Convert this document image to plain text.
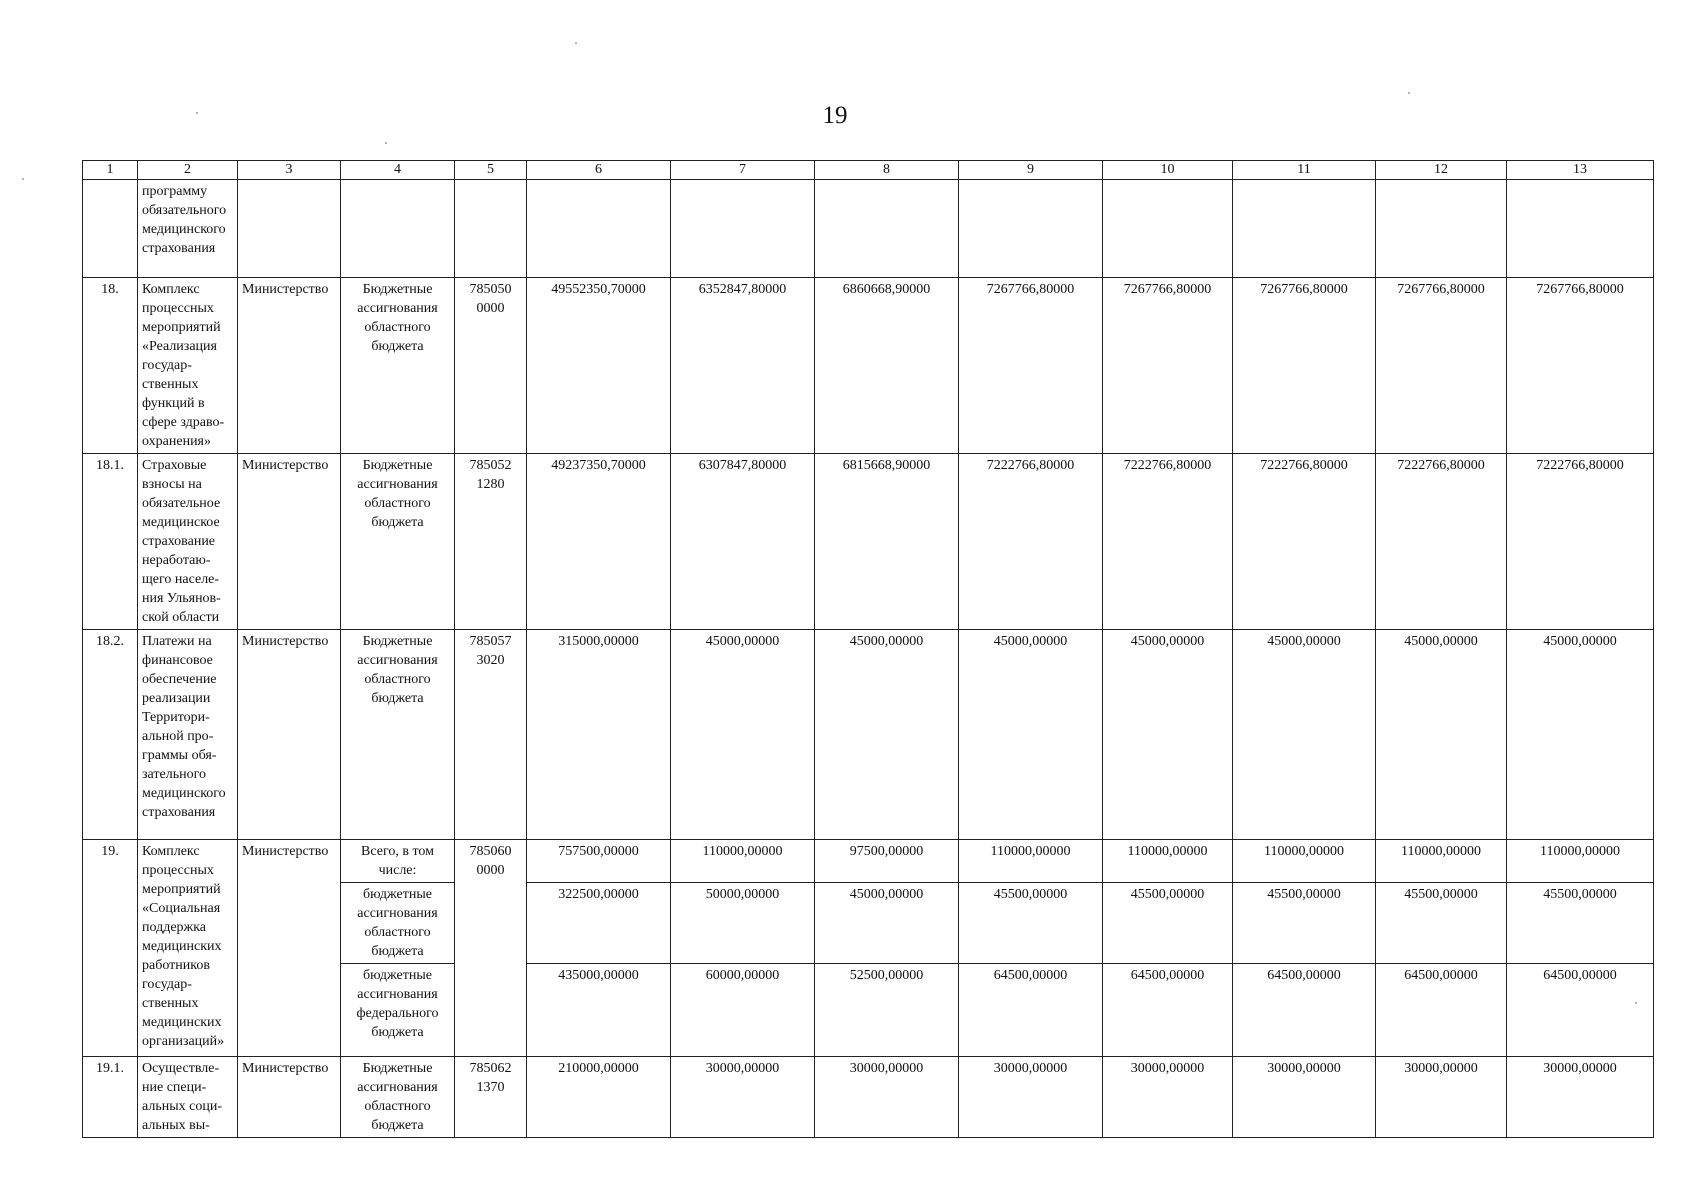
19
1	2	3	4	5	6	7	8	9	10	11	12	13
	программу обязательного медицинского страхования											
18.	Комплекс процессных мероприятий «Реализация государственных функций в сфере здравоохранения»	Министерство	Бюджетные ассигнования областного бюджета	785050 0000	49552350,70000	6352847,80000	6860668,90000	7267766,80000	7267766,80000	7267766,80000	7267766,80000	7267766,80000
18.1.	Страховые взносы на обязательное медицинское страхование неработающего населения Ульяновской области	Министерство	Бюджетные ассигнования областного бюджета	785052 1280	49237350,70000	6307847,80000	6815668,90000	7222766,80000	7222766,80000	7222766,80000	7222766,80000	7222766,80000
18.2.	Платежи на финансовое обеспечение реализации Территориальной программы обязательного медицинского страхования	Министерство	Бюджетные ассигнования областного бюджета	785057 3020	315000,00000	45000,00000	45000,00000	45000,00000	45000,00000	45000,00000	45000,00000	45000,00000
19.	Комплекс процессных мероприятий «Социальная поддержка медицинских работников государственных медицинских организаций»	Министерство	Всего, в том числе:	785060 0000	757500,00000	110000,00000	97500,00000	110000,00000	110000,00000	110000,00000	110000,00000	110000,00000
			бюджетные ассигнования областного бюджета		322500,00000	50000,00000	45000,00000	45500,00000	45500,00000	45500,00000	45500,00000	45500,00000
			бюджетные ассигнования федерального бюджета		435000,00000	60000,00000	52500,00000	64500,00000	64500,00000	64500,00000	64500,00000	64500,00000
19.1.	Осуществление специальных социальных вы-	Министерство	Бюджетные ассигнования областного бюджета	785062 1370	210000,00000	30000,00000	30000,00000	30000,00000	30000,00000	30000,00000	30000,00000	30000,00000
